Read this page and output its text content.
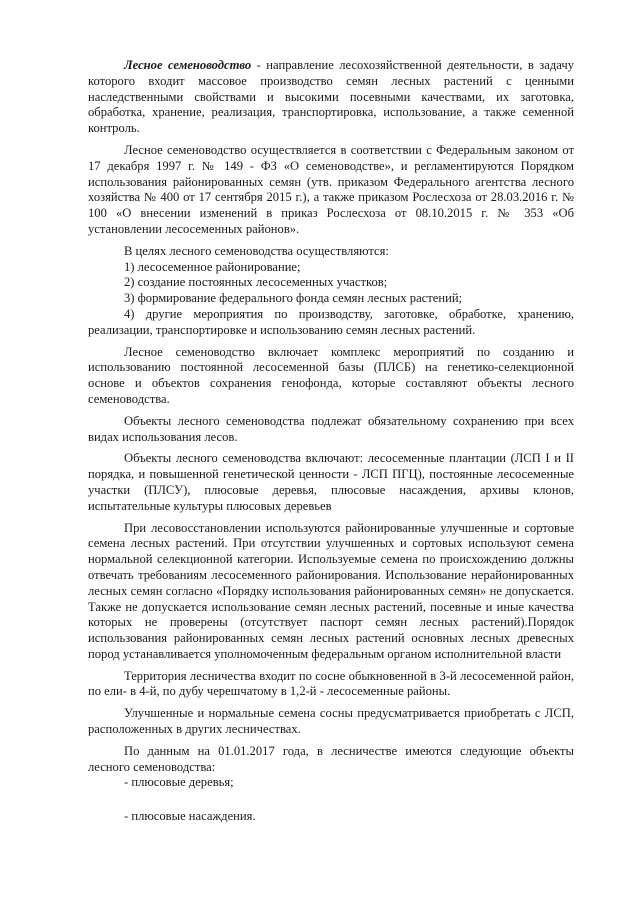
Лесное семеноводство - направление лесохозяйственной деятельности, в задачу которого входит массовое производство семян лесных растений с ценными наследственными свойствами и высокими посевными качествами, их заготовка, обработка, хранение, реализация, транспортировка, использование, а также семенной контроль.

Лесное семеноводство осуществляется в соответствии с Федеральным законом от 17 декабря 1997 г. № 149 - ФЗ «О семеноводстве», и регламентируются Порядком использования районированных семян (утв. приказом Федерального агентства лесного хозяйства № 400 от 17 сентября 2015 г.), а также приказом Рослесхоза от 28.03.2016 г. № 100 «О внесении изменений в приказ Рослесхоза от 08.10.2015 г. № 353 «Об установлении лесосеменных районов».

В целях лесного семеноводства осуществляются:

1) лесосеменное районирование;

2) создание постоянных лесосеменных участков;

3) формирование федерального фонда семян лесных растений;

4) другие мероприятия по производству, заготовке, обработке, хранению, реализации, транспортировке и использованию семян лесных растений.

Лесное семеноводство включает комплекс мероприятий по созданию и использованию постоянной лесосеменной базы (ПЛСБ) на генетико-селекционной основе и объектов сохранения генофонда, которые составляют объекты лесного семеноводства.

Объекты лесного семеноводства подлежат обязательному сохранению при всех видах использования лесов.

Объекты лесного семеноводства включают: лесосеменные плантации (ЛСП I и II порядка, и повышенной генетической ценности - ЛСП ПГЦ), постоянные лесосеменные участки (ПЛСУ), плюсовые деревья, плюсовые насаждения, архивы клонов, испытательные культуры плюсовых деревьев

При лесовосстановлении используются районированные улучшенные и сортовые семена лесных растений. При отсутствии улучшенных и сортовых используют семена нормальной селекционной категории. Используемые семена по происхождению должны отвечать требованиям лесосеменного районирования. Использование нерайонированных лесных семян согласно «Порядку использования районированных семян» не допускается. Также не допускается использование семян лесных растений, посевные и иные качества которых не проверены (отсутствует паспорт семян лесных растений).Порядок использования районированных семян лесных растений основных лесных древесных пород устанавливается уполномоченным федеральным органом исполнительной власти

Территория лесничества входит по сосне обыкновенной в 3-й лесосеменной район, по ели- в 4-й, по дубу черешчатому в 1,2-й - лесосеменные районы.

Улучшенные и нормальные семена сосны предусматривается приобретать с ЛСП, расположенных в других лесничествах.

По данным на 01.01.2017 года, в лесничестве имеются следующие объекты лесного семеноводства:

- плюсовые деревья;

- плюсовые насаждения.
